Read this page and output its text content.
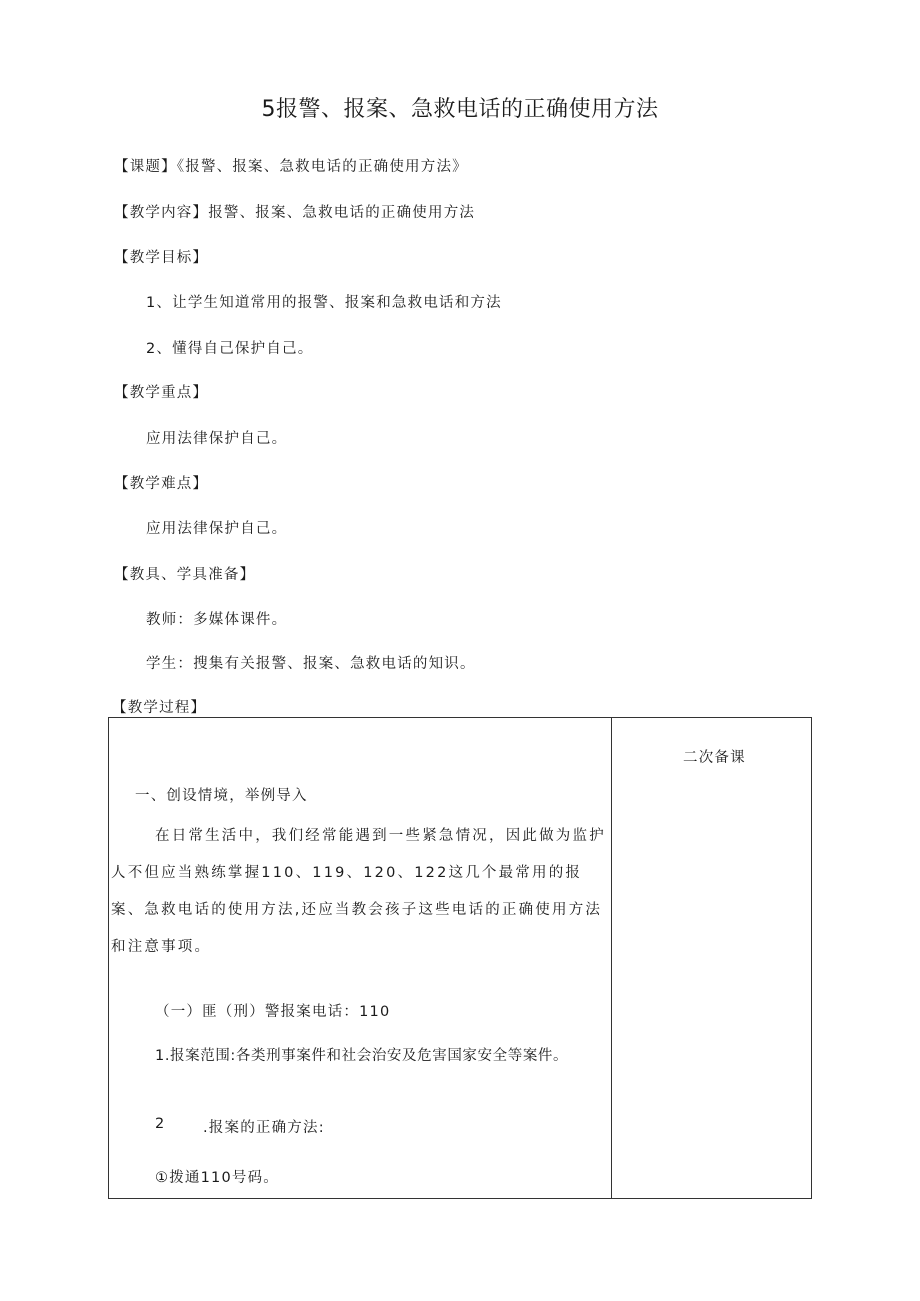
5报警、报案、急救电话的正确使用方法
【课题】《报警、报案、急救电话的正确使用方法》
【教学内容】报警、报案、急救电话的正确使用方法
【教学目标】
1、让学生知道常用的报警、报案和急救电话和方法
2、懂得自己保护自己。
【教学重点】
应用法律保护自己。
【教学难点】
应用法律保护自己。
【教具、学具准备】
教师：多媒体课件。
学生：搜集有关报警、报案、急救电话的知识。
【教学过程】
二次备课
一、创设情境，举例导入
在日常生活中，我们经常能遇到一些紧急情况，因此做为监护人不但应当熟练掌握110、119、120、122这几个最常用的报案、急救电话的使用方法,还应当教会孩子这些电话的正确使用方法和注意事项。
（一）匪（刑）警报案电话：110
1.报案范围:各类刑事案件和社会治安及危害国家安全等案件。
2	.报案的正确方法:
①拨通110号码。
